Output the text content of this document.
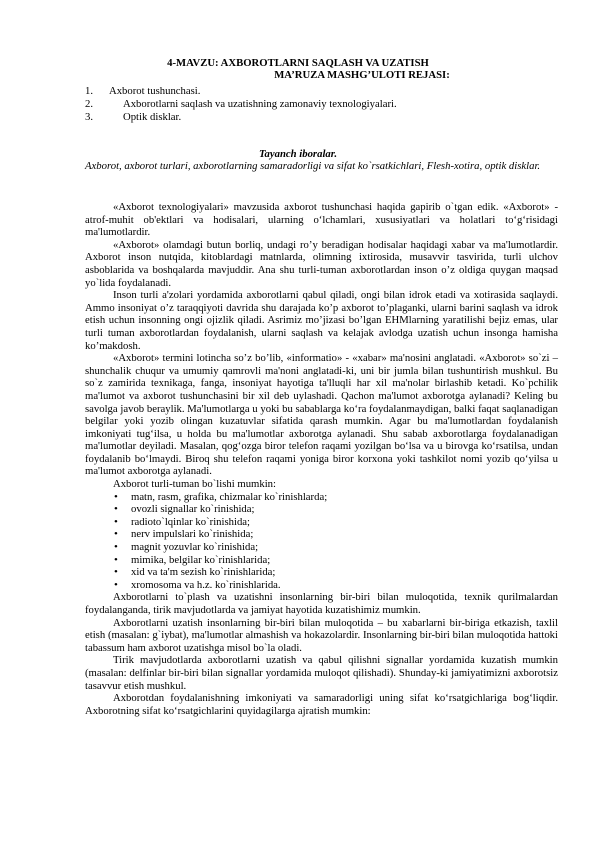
4-MAVZU: AXBOROTLARNI SAQLASH VA UZATISH
MA’RUZA MASHG’ULOTI REJASI:
1. Axborot tushunchasi.
2.	Axborotlarni saqlash va uzatishning zamonaviy texnologiyalari.
3.	Optik disklar.
Tayanch iboralar.
Axborot, axborot turlari, axborotlarning samaradorligi va sifat ko`rsatkichlari, Flesh-xotira, optik disklar.

«Axborot texnologiyalari» mavzusida axborot tushunchasi haqida gapirib o`tgan edik. «Axborot» - atrof-muhit ob'ektlari va hodisalari, ularning o‘lchamlari, xususiyatlari va holatlari to‘g‘risidagi ma'lumotlardir.

«Axborot» olamdagi butun borliq, undagi ro’y beradigan hodisalar haqidagi xabar va ma'lumotlardir. Axborot inson nutqida, kitoblardagi matnlarda, olimning ixtirosida, musavvir tasvirida, turli ulchov asboblarida va boshqalarda mavjuddir. Ana shu turli-tuman axborotlardan inson o’z oldiga quygan maqsad yo`lida foydalanadi.

Inson turli a'zolari yordamida axborotlarni qabul qiladi, ongi bilan idrok etadi va xotirasida saqlaydi. Ammo insoniyat o’z taraqqiyoti davrida shu darajada ko’p axborot to’plaganki, ularni barini saqlash va idrok etish uchun insonning ongi ojizlik qiladi. Asrimiz mo’jizasi bo’lgan EHMlarning yaratilishi bejiz emas, ular turli tuman axborotlardan foydalanish, ularni saqlash va kelajak avlodga uzatish uchun insonga hamisha ko’makdosh.

«Axborot» termini lotincha so’z bo’lib, «informatio» - «xabar» ma'nosini anglatadi. «Axborot» so`zi – shunchalik chuqur va umumiy qamrovli ma'noni anglatadi-ki, uni bir jumla bilan tushuntirish mushkul. Bu so`z zamirida texnikaga, fanga, insoniyat hayotiga ta'lluqli har xil ma'nolar birlashib ketadi. Ko`pchilik ma'lumot va axborot tushunchasini bir xil deb uylashadi. Qachon ma'lumot axborotga aylanadi? Keling bu savolga javob beraylik. Ma'lumotlarga u yoki bu sabablarga ko‘ra foydalanmaydigan, balki faqat saqlanadigan belgilar yoki yozib olingan kuzatuvlar sifatida qarash mumkin. Agar bu ma'lumotlardan foydalanish imkoniyati tug‘ilsa, u holda bu ma'lumotlar axborotga aylanadi. Shu sabab axborotlarga foydalanadigan ma'lumotlar deyiladi. Masalan, qog‘ozga biror telefon raqami yozilgan bo‘lsa va u birovga ko‘rsatilsa, undan foydalanib bo‘lmaydi. Biroq shu telefon raqami yoniga biror korxona yoki tashkilot nomi yozib qo‘yilsa u ma'lumot axborotga aylanadi.

Axborot turli-tuman bo`lishi mumkin:
• matn, rasm, grafika, chizmalar ko`rinishlarda;
• ovozli signallar ko`rinishida;
• radioto`lqinlar ko`rinishida;
• nerv impulslari ko`rinishida;
• magnit yozuvlar ko`rinishida;
• mimika, belgilar ko`rinishlarida;
• xid va ta'm sezish ko`rinishlarida;
• xromosoma va h.z. ko`rinishlarida.

Axborotlarni to`plash va uzatishni insonlarning bir-biri bilan muloqotida, texnik qurilmalardan foydalanganda, tirik mavjudotlarda va jamiyat hayotida kuzatishimiz mumkin.

Axborotlarni uzatish insonlarning bir-biri bilan muloqotida – bu xabarlarni bir-biriga etkazish, taxlil etish (masalan: g`iybat), ma'lumotlar almashish va hokazolardir. Insonlarning bir-biri bilan muloqotida hattoki tabassum ham axborot uzatishga misol bo`la oladi.

Tirik mavjudotlarda axborotlarni uzatish va qabul qilishni signallar yordamida kuzatish mumkin (masalan: delfinlar bir-biri bilan signallar yordamida muloqot qilishadi). Shunday-ki jamiyatimizni axborotsiz tasavvur etish mushkul.

Axborotdan foydalanishning imkoniyati va samaradorligi uning sifat ko‘rsatgichlariga bog‘liqdir. Axborotning sifat ko‘rsatgichlarini quyidagilarga ajratish mumkin:
